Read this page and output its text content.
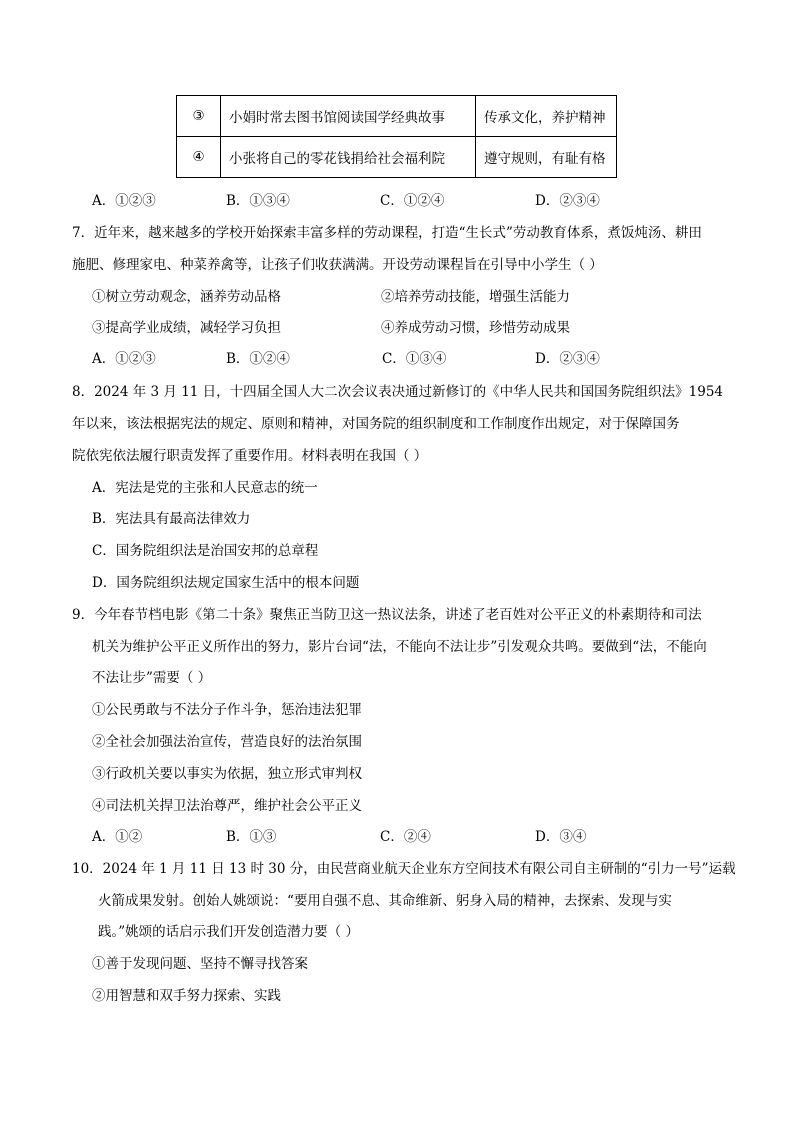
③	小娟时常去图书馆阅读国学经典故事	传承文化，养护精神
④	小张将自己的零花钱捐给社会福利院	遵守规则，有耻有格
A．①②③	B．①③④	C．①②④	D．②③④
7．近年来，越来越多的学校开始探索丰富多样的劳动课程，打造“生长式”劳动教育体系，煮饭炖汤、耕田
施肥、修理家电、种菜养禽等，让孩子们收获满满。开设劳动课程旨在引导中小学生（ ）
①树立劳动观念，涵养劳动品格	②培养劳动技能，增强生活能力
③提高学业成绩，减轻学习负担	④养成劳动习惯，珍惜劳动成果
A．①②③	B．①②④	C．①③④	D．②③④
8．2024 年 3 月 11 日，十四届全国人大二次会议表决通过新修订的《中华人民共和国国务院组织法》1954
年以来，该法根据宪法的规定、原则和精神，对国务院的组织制度和工作制度作出规定，对于保障国务
院依宪依法履行职责发挥了重要作用。材料表明在我国（ ）
A．宪法是党的主张和人民意志的统一
B．宪法具有最高法律效力
C．国务院组织法是治国安邦的总章程
D．国务院组织法规定国家生活中的根本问题
9．今年春节档电影《第二十条》聚焦正当防卫这一热议法条，讲述了老百姓对公平正义的朴素期待和司法
机关为维护公平正义所作出的努力，影片台词“法，不能向不法让步”引发观众共鸣。要做到“法，不能向
不法让步”需要（ ）
①公民勇敢与不法分子作斗争，惩治违法犯罪
②全社会加强法治宣传，营造良好的法治氛围
③行政机关要以事实为依据，独立形式审判权
④司法机关捍卫法治尊严，维护社会公平正义
A．①②	B．①③	C．②④	D．③④
10．2024 年 1 月 11 日 13 时 30 分，由民营商业航天企业东方空间技术有限公司自主研制的“引力一号”运载
火箭成果发射。创始人姚颂说：“要用自强不息、其命维新、躬身入局的精神，去探索、发现与实
践。”姚颂的话启示我们开发创造潜力要（ ）
①善于发现问题、坚持不懈寻找答案
②用智慧和双手努力探索、实践
